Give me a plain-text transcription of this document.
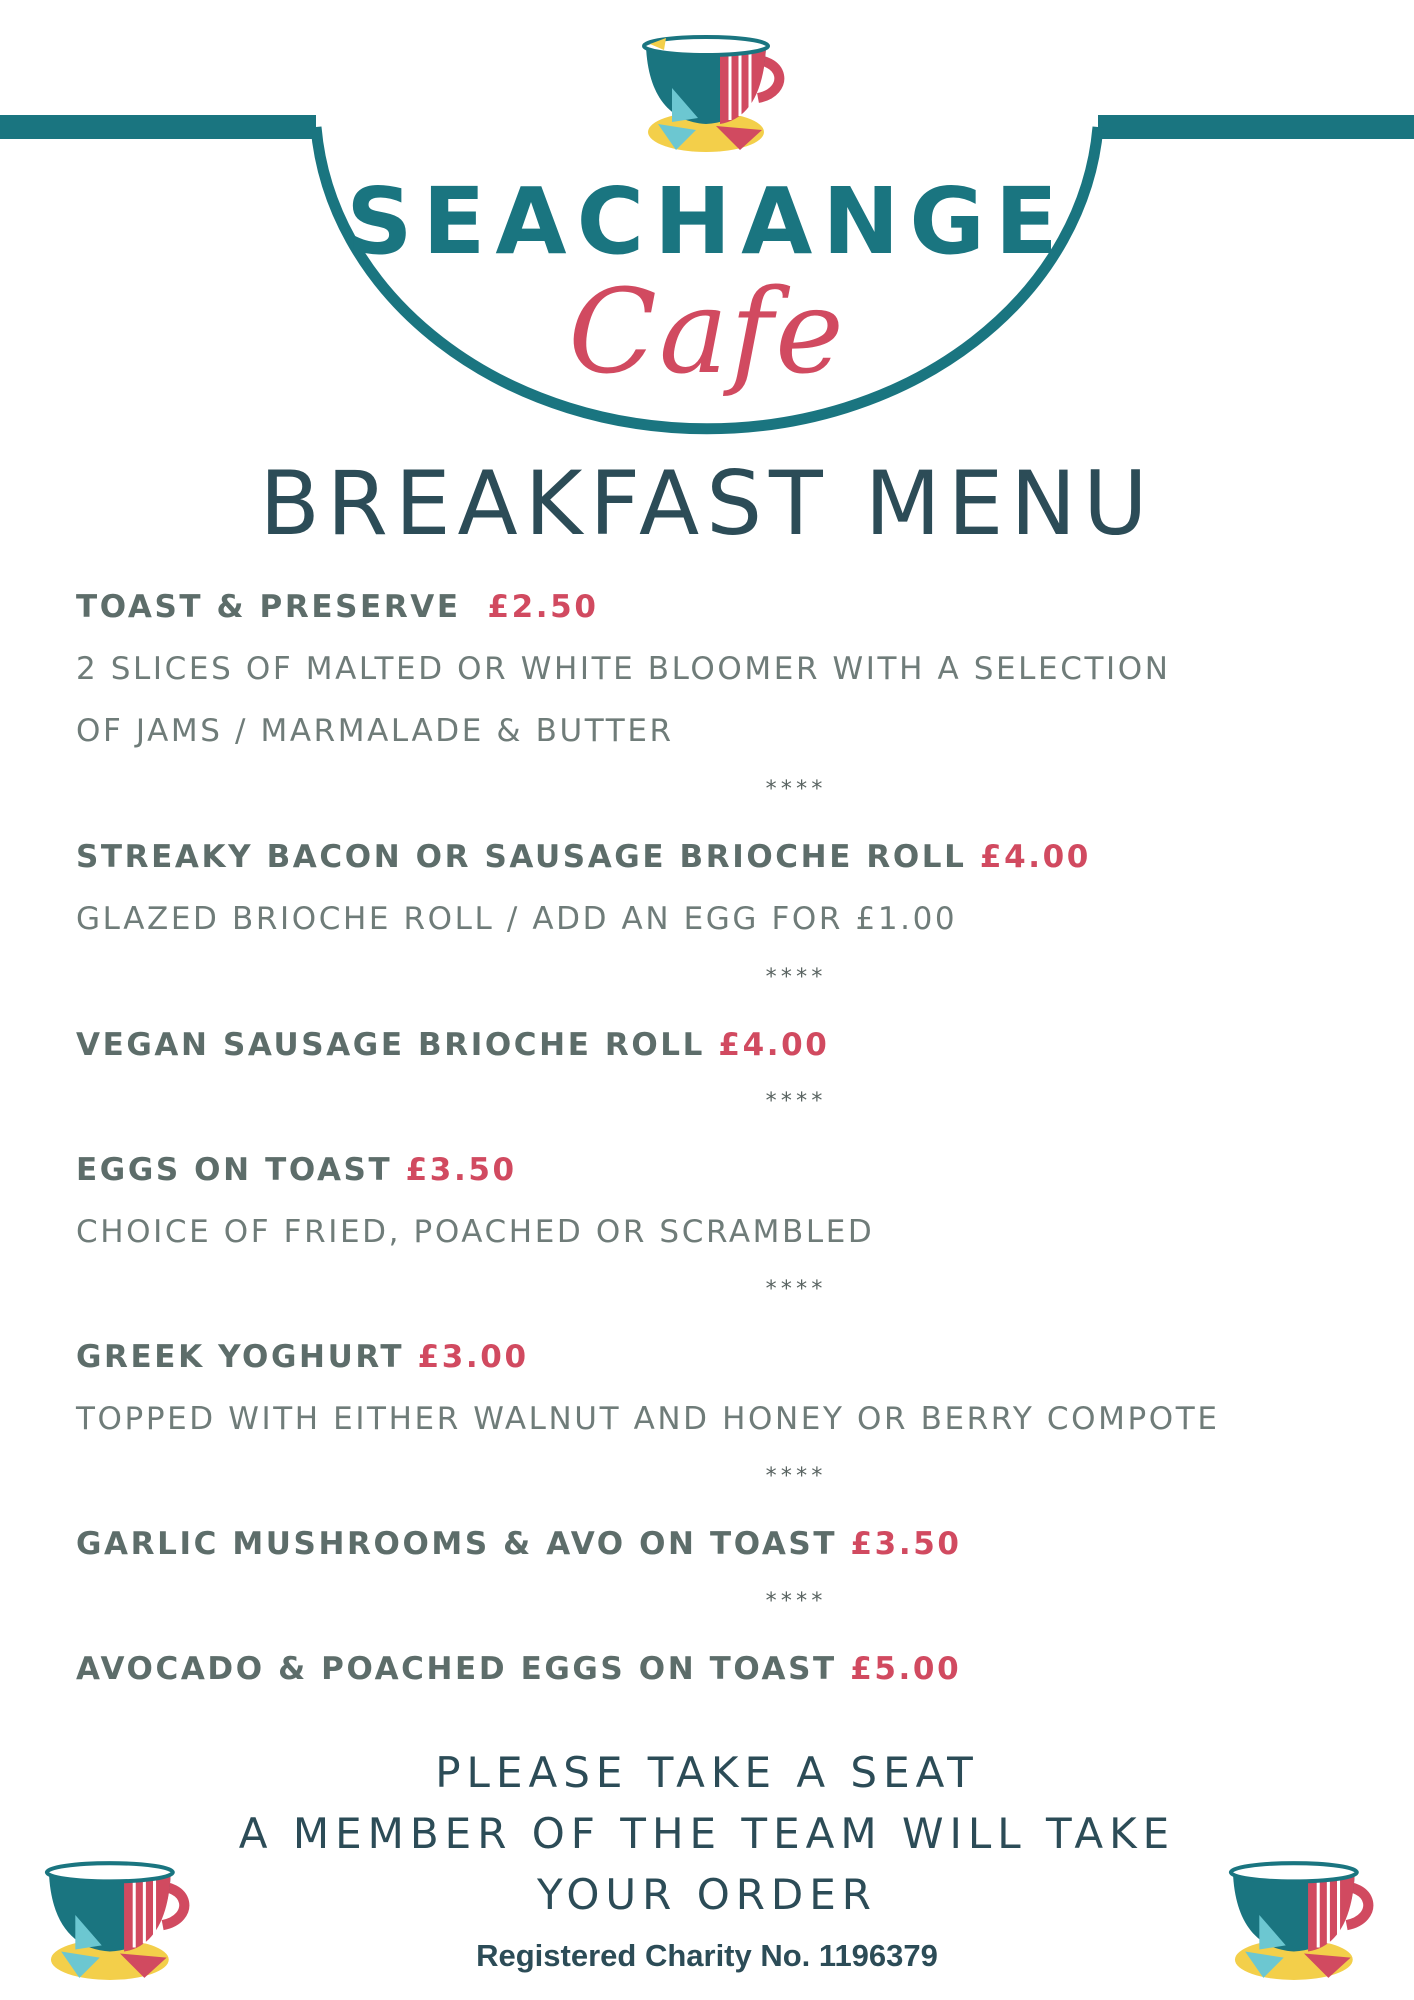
SEACHANGE
Cafe
BREAKFAST MENU

TOAST & PRESERVE  £2.50

2 SLICES OF MALTED OR WHITE BLOOMER WITH A SELECTION

OF JAMS / MARMALADE & BUTTER

****

STREAKY BACON OR SAUSAGE BRIOCHE ROLL £4.00

GLAZED BRIOCHE ROLL / ADD AN EGG FOR £1.00

****

VEGAN SAUSAGE BRIOCHE ROLL £4.00

****

EGGS ON TOAST £3.50

CHOICE OF FRIED, POACHED OR SCRAMBLED

****

GREEK YOGHURT £3.00

TOPPED WITH EITHER WALNUT AND HONEY OR BERRY COMPOTE

****

GARLIC MUSHROOMS & AVO ON TOAST £3.50

****

AVOCADO & POACHED EGGS ON TOAST £5.00

PLEASE TAKE A SEAT
A MEMBER OF THE TEAM WILL TAKE
YOUR ORDER
Registered Charity No. 1196379
